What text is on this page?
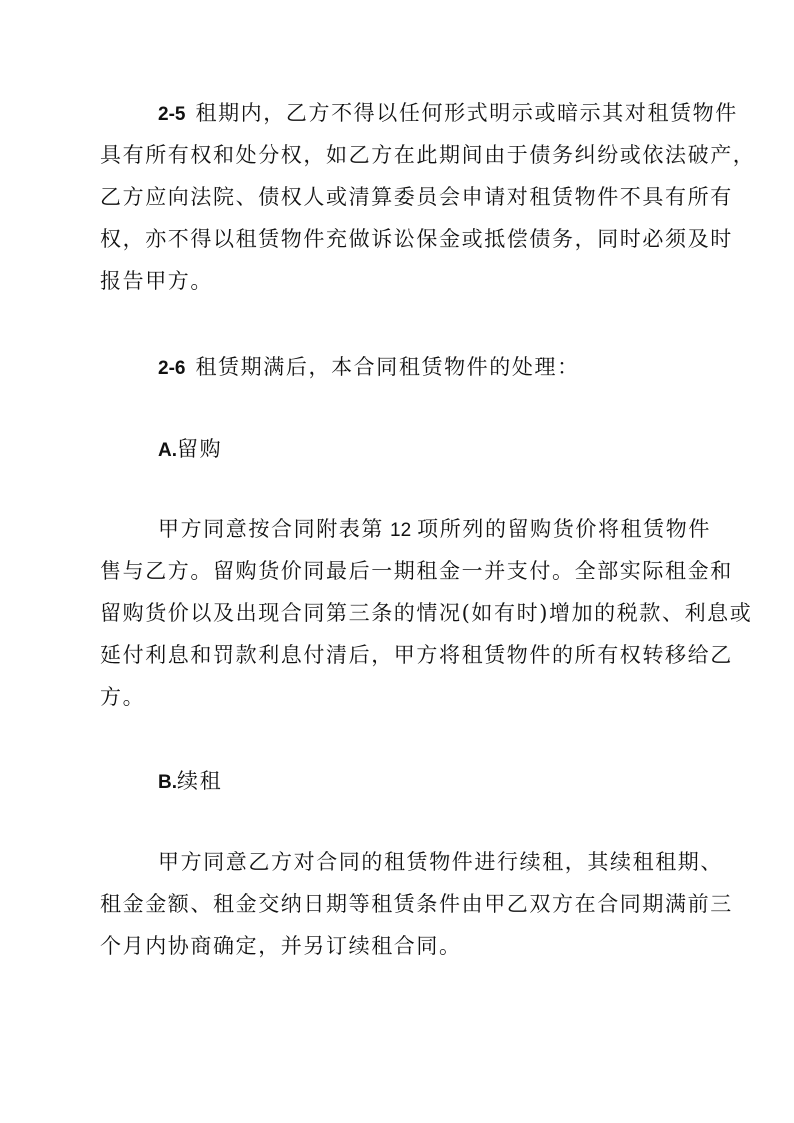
2-5 租期内，乙方不得以任何形式明示或暗示其对租赁物件
具有所有权和处分权，如乙方在此期间由于债务纠纷或依法破产，
乙方应向法院、债权人或清算委员会申请对租赁物件不具有所有
权，亦不得以租赁物件充做诉讼保金或抵偿债务，同时必须及时
报告甲方。
2-6 租赁期满后，本合同租赁物件的处理：
A.留购
甲方同意按合同附表第 12 项所列的留购货价将租赁物件
售与乙方。留购货价同最后一期租金一并支付。全部实际租金和
留购货价以及出现合同第三条的情况(如有时)增加的税款、利息或
延付利息和罚款利息付清后，甲方将租赁物件的所有权转移给乙
方。
B.续租
甲方同意乙方对合同的租赁物件进行续租，其续租租期、
租金金额、租金交纳日期等租赁条件由甲乙双方在合同期满前三
个月内协商确定，并另订续租合同。
